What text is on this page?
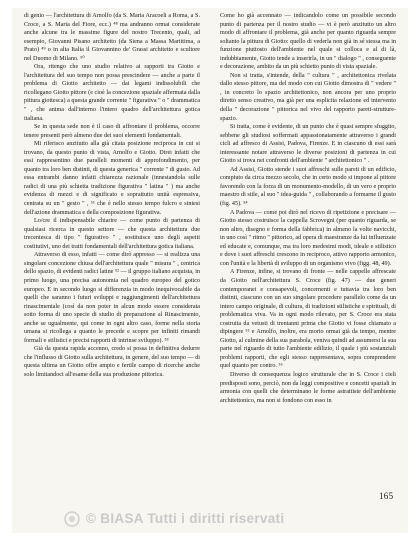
di genio — l'architettura di Arnolfo (da S. Maria Aracoeli a Roma, a S. Croce, a S. Maria del Fiore, ecc.) ⁴⁸ ma andranno ormai considerate anche alcune tra le massime figure del nostro Trecento, quali, ad esempio, Giovanni Pisano architetto (da Siena a Massa Marittima, a Prato) ⁴⁹ o in alta Italia il Giovannino de' Grassi architetto e scultore nel Duomo di Milano. ⁵⁰

Ora, ritengo che uno studio relativo ai rapporti tra Giotto e l'architettura del suo tempo non possa prescindere — anche a parte il problema di Giotto architetto — dai legami indissolubili che ricollegano Giotto pittore (e cioè la concezione spaziale affermata dalla pittura giottesca) a questa grande corrente " figurativa " o " drammatica " , che anima dall'interno l'intero quadro dell'architettura gotica italiana.

Se in questa sede non è il caso di affrontare il problema, occorre tenere presenti però almeno due dei suoi elementi fondamentali.

Mi riferisco anzitutto alla già citata posizione reciproca in cui si trovano, da questo punto di vista, Arnolfo e Giotto. Direi infatti che essi rappresentino due paralleli momenti di approfondimento, per quanto tra loro ben distinti, di questa generica " corrente " di gusto. Ad essa entrambi danno infatti chiarezza razionale (innestandola sulle radici di una più schietta tradizione figurativa " latina " ) ma anche evidenza di mezzi e di significato e soprattutto unità espressiva, centrata su un " gesto " , ⁵¹ che è nello stesso tempo fulcro e sintesi dell'azione drammatica e della composizione figurativa.

Lo/cre il indispensabile chiarire — come punto di partenza di qualsiasi ricerca in questo settore — che questa architettura due trecentesca di tipo " figurativo " , sostituisce uno degli aspetti costitutivi, uno dei tratti fondamentali dell'architettura gotica italiana.

Attraverso di esso, infatti — come dirò appresso — si realizza una singolare concezione chiusa dell'architettura quale " misura " , centrica dello spazio, di evidenti radici latine ⁵² — il gruppo italiano acquista, in primo luogo, una precisa autonomia nel quadro europeo del gotico europeo. E in secondo luogo si differenzia in modo inequivocabile da quelli che saranno i futuri sviluppi e raggiungimenti dell'architettura rinascimentale (così da non poter in alcun modo essere considerata sotto forma di uno specie di studio di preparazione al Rinascimento, anche se ugualmente, qui come in ogni altro caso, forme nella storia umana si ricollega a quanto le precede e scopre per infiniti rimandi formali e stilistici e precisi rapporti di intrinse sviluppo). ⁵³

Già da questa rapida accenno, credo si possa in definitiva dedurre che l'influsso di Giotto sulla architettura, in genere, del suo tempo — di questa ultima un Giotto offre ampio e fertile campo di ricerche anche solo limitandoci all'esame della sua produzione pittorica.

Come ho già accennato — indicandolo come un possibile secondo punto di partenza per il nostro studio — vi è però anzitutto un altro modo di affrontare il problema, già anche per quanto riguarda sempre soltanto la pittura di Giotto: quello di vederla non già in sé stessa ma in funzione piuttosto dell'ambiente nel quale si colloca e al di là, indubbiamente, Giotto tende a inserirla, in un " dialogo " , conseguente e decorazione, ambito da un più schietto punto di vista spaziale.

Non si tratta, s'intende, della " cultura " , architettonica rivelata dallo stesso pittore, ma del modo con cui Giotto dimostra di " vedere " , in concreto lo spazio architettonico, non ancora per uno proprio diretto senso creativo, ma già per una esplicita relazione ed intervento della " decorazione " pittorica nel vivo del rapporto pareti-strutture-spazio.

Si tratta, come è evidente, di un punto che è quasi sempre sfuggito, sebbene gli studiosi soffermati appassionatamente attraverso i grandi cicli ad affresco di Assisi, Padova, Firenze. E in ciascuno di essi sarà interessante notare attraverso le diverse posizioni di partenza in cui Giotto si trova nei confronti dell'ambiente " architettonico " .

Ad Assisi, Giotto stende i suoi affreschi sulle pareti di un edificio, compiuto da circa mezzo secolo, che in certo modo si impone al pittore favorendo con la forza di un monumento-modello, di un vero e proprio maestro di stile, al suo " idea-guida " , collaborando a formarne il gusto (fig. 45). ⁵⁴

A Padova — come poi dirò nel ricevo di ripetizione e precisare — Giotto stesso costruisce la cappella Scrovegni (per quanto riguarda, se non altro, disegno e forma della fabbrica) in almeno la volte navicchi, in uno così " ritmo " pittorico, ad opera di maestranze da lui influenzate ed educate e, comunque, ma tra loro medesimi modi, ideale e stilistico e dove i suoi affreschi crescono in reciproco, attivo rapporto armonico, con l'unità e la libertà di sviluppo di un organismo vivo (figg. 48, 49).

A Firenze, infine, si trovano di fronte — nelle cappelle affrescate da Giotto nell'architettura S. Croce (fig. 47) — due generi contemporanei e consapevoli, concernenti e tuttavia tra loro ben distinti, ciascuno con un suo singolare procedere parallelo come da un intero campo originale, di cultura, di tradizioni stilistiche e spirituali, di problematica viva. Va in ogni modo rilevato, per S. Croce era stata costruita da vetusti di trentanni prima che Giotto vi fosse chiamato a dipingere ⁵⁵ e Arnolfo, inoltre, era morto ormai già da tempo, mentre Giotto, al culmine della sua parabola, veniva quindi ad assumersi la sua parte nel riguardo di tutto l'ambiente edilizio, il quale i più sostanziali problemi rapporti, che egli stesso rappresentava, sopra comprendere quel quanto per contro. ⁵⁶

Diverso di consequenza logico strutturale che in S. Croce i cieli predisposti sono, perciò, non da leggi compositive e concetti spaziali in armonia con quelli che determinano le forme astrattiste dell'ambiente architettonico, ma non si fondono con esso in

165
© BIASA Tutti i diritti riservati
